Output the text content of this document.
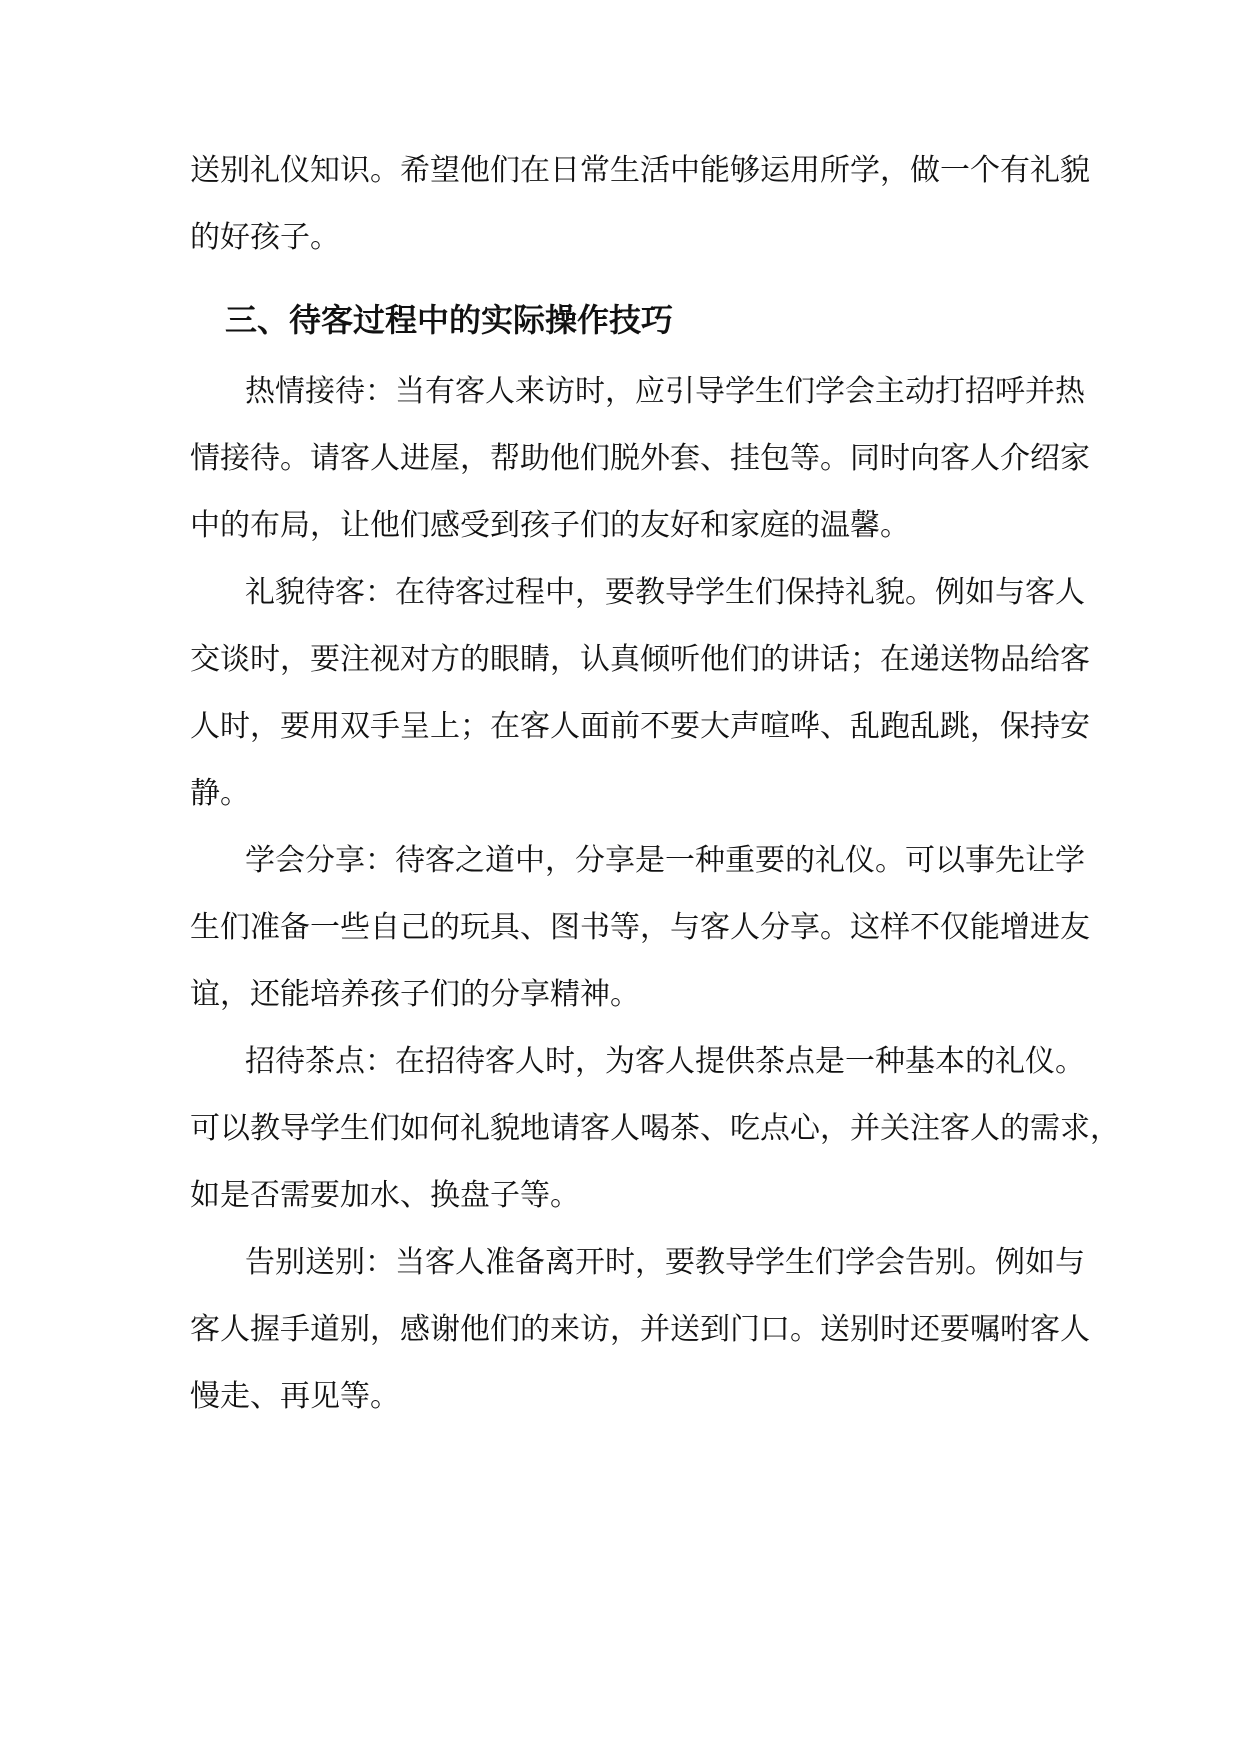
送别礼仪知识。希望他们在日常生活中能够运用所学，做一个有礼貌
的好孩子。
三、待客过程中的实际操作技巧
热情接待：当有客人来访时，应引导学生们学会主动打招呼并热
情接待。请客人进屋，帮助他们脱外套、挂包等。同时向客人介绍家
中的布局，让他们感受到孩子们的友好和家庭的温馨。
礼貌待客：在待客过程中，要教导学生们保持礼貌。例如与客人
交谈时，要注视对方的眼睛，认真倾听他们的讲话；在递送物品给客
人时，要用双手呈上；在客人面前不要大声喧哗、乱跑乱跳，保持安
静。
学会分享：待客之道中，分享是一种重要的礼仪。可以事先让学
生们准备一些自己的玩具、图书等，与客人分享。这样不仅能增进友
谊，还能培养孩子们的分享精神。
招待茶点：在招待客人时，为客人提供茶点是一种基本的礼仪。
可以教导学生们如何礼貌地请客人喝茶、吃点心，并关注客人的需求，
如是否需要加水、换盘子等。
告别送别：当客人准备离开时，要教导学生们学会告别。例如与
客人握手道别，感谢他们的来访，并送到门口。送别时还要嘱咐客人
慢走、再见等。
